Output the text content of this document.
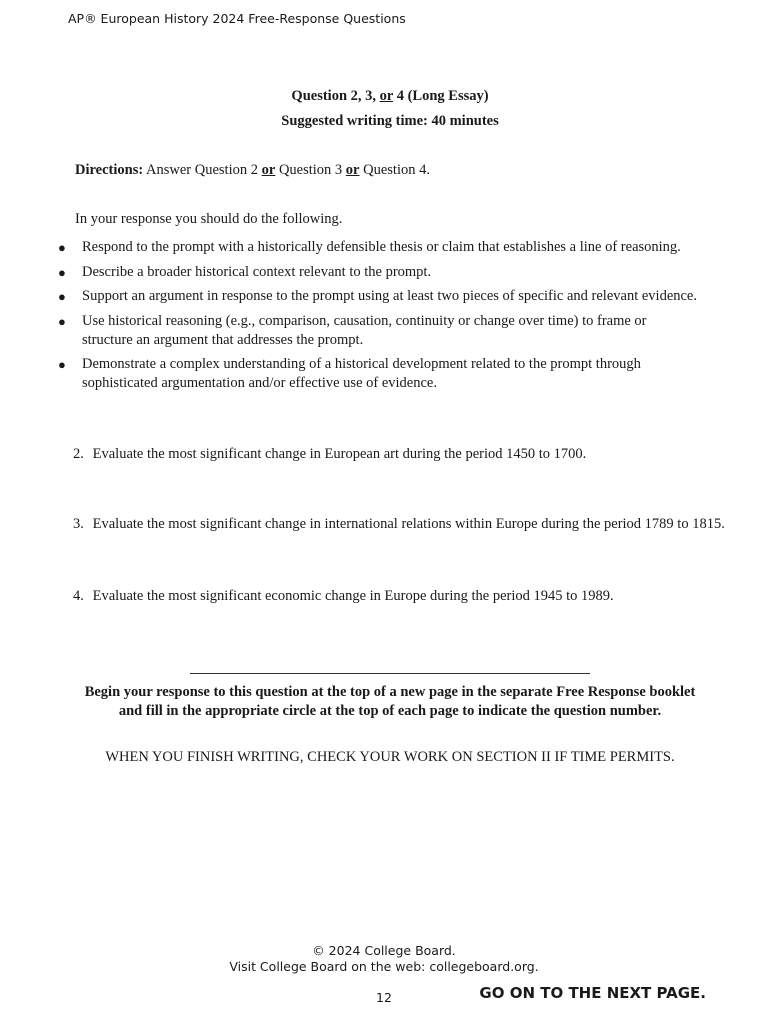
AP® European History 2024 Free-Response Questions
Question 2, 3, or 4 (Long Essay)
Suggested writing time: 40 minutes
Directions: Answer Question 2 or Question 3 or Question 4.
In your response you should do the following.
● Respond to the prompt with a historically defensible thesis or claim that establishes a line of reasoning.
● Describe a broader historical context relevant to the prompt.
● Support an argument in response to the prompt using at least two pieces of specific and relevant evidence.
● Use historical reasoning (e.g., comparison, causation, continuity or change over time) to frame or structure an argument that addresses the prompt.
● Demonstrate a complex understanding of a historical development related to the prompt through sophisticated argumentation and/or effective use of evidence.
2. Evaluate the most significant change in European art during the period 1450 to 1700.
3. Evaluate the most significant change in international relations within Europe during the period 1789 to 1815.
4. Evaluate the most significant economic change in Europe during the period 1945 to 1989.
Begin your response to this question at the top of a new page in the separate Free Response booklet
and fill in the appropriate circle at the top of each page to indicate the question number.
WHEN YOU FINISH WRITING, CHECK YOUR WORK ON SECTION II IF TIME PERMITS.
© 2024 College Board.
Visit College Board on the web: collegeboard.org.
12	GO ON TO THE NEXT PAGE.
